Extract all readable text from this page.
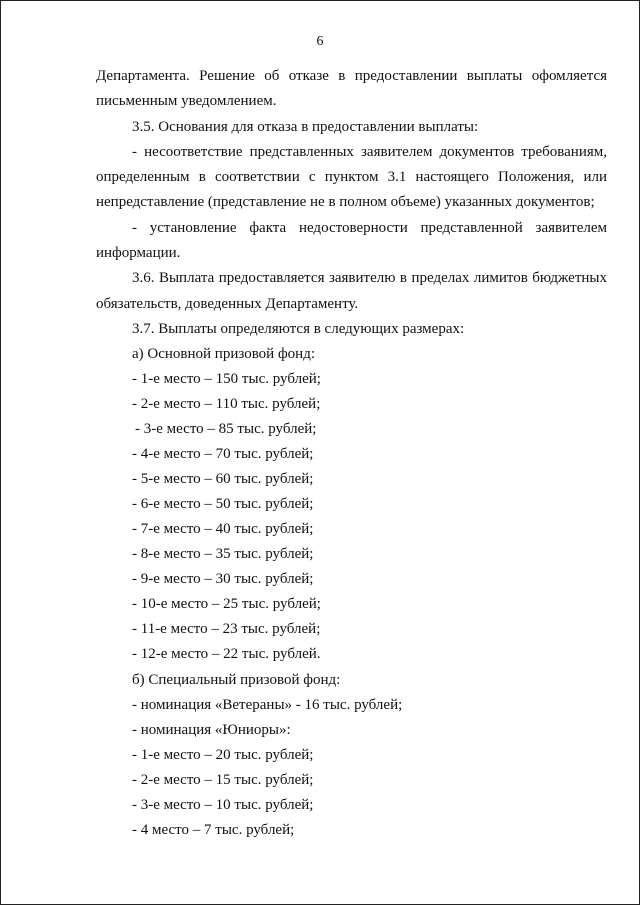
6
Департамента. Решение об отказе в предоставлении выплаты офомляется
письменным уведомлением.
3.5. Основания для отказа в предоставлении выплаты:
- несоответствие представленных заявителем документов требованиям,
определенным в соответствии с пунктом 3.1 настоящего Положения, или
непредставление (представление не в полном объеме) указанных документов;
- установление факта недостоверности представленной заявителем
информации.
3.6. Выплата предоставляется заявителю в пределах лимитов бюджетных
обязательств, доведенных Департаменту.
3.7. Выплаты определяются в следующих размерах:
а) Основной призовой фонд:
- 1-е место – 150 тыс. рублей;
- 2-е место – 110 тыс. рублей;
- 3-е место – 85 тыс. рублей;
- 4-е место – 70 тыс. рублей;
- 5-е место – 60 тыс. рублей;
- 6-е место – 50 тыс. рублей;
- 7-е место – 40 тыс. рублей;
- 8-е место – 35 тыс. рублей;
- 9-е место – 30 тыс. рублей;
- 10-е место – 25 тыс. рублей;
- 11-е место – 23 тыс. рублей;
- 12-е место – 22 тыс. рублей.
б) Специальный призовой фонд:
- номинация «Ветераны» - 16 тыс. рублей;
- номинация «Юниоры»:
- 1-е место – 20 тыс. рублей;
- 2-е место – 15 тыс. рублей;
- 3-е место – 10 тыс. рублей;
- 4 место – 7 тыс. рублей;
